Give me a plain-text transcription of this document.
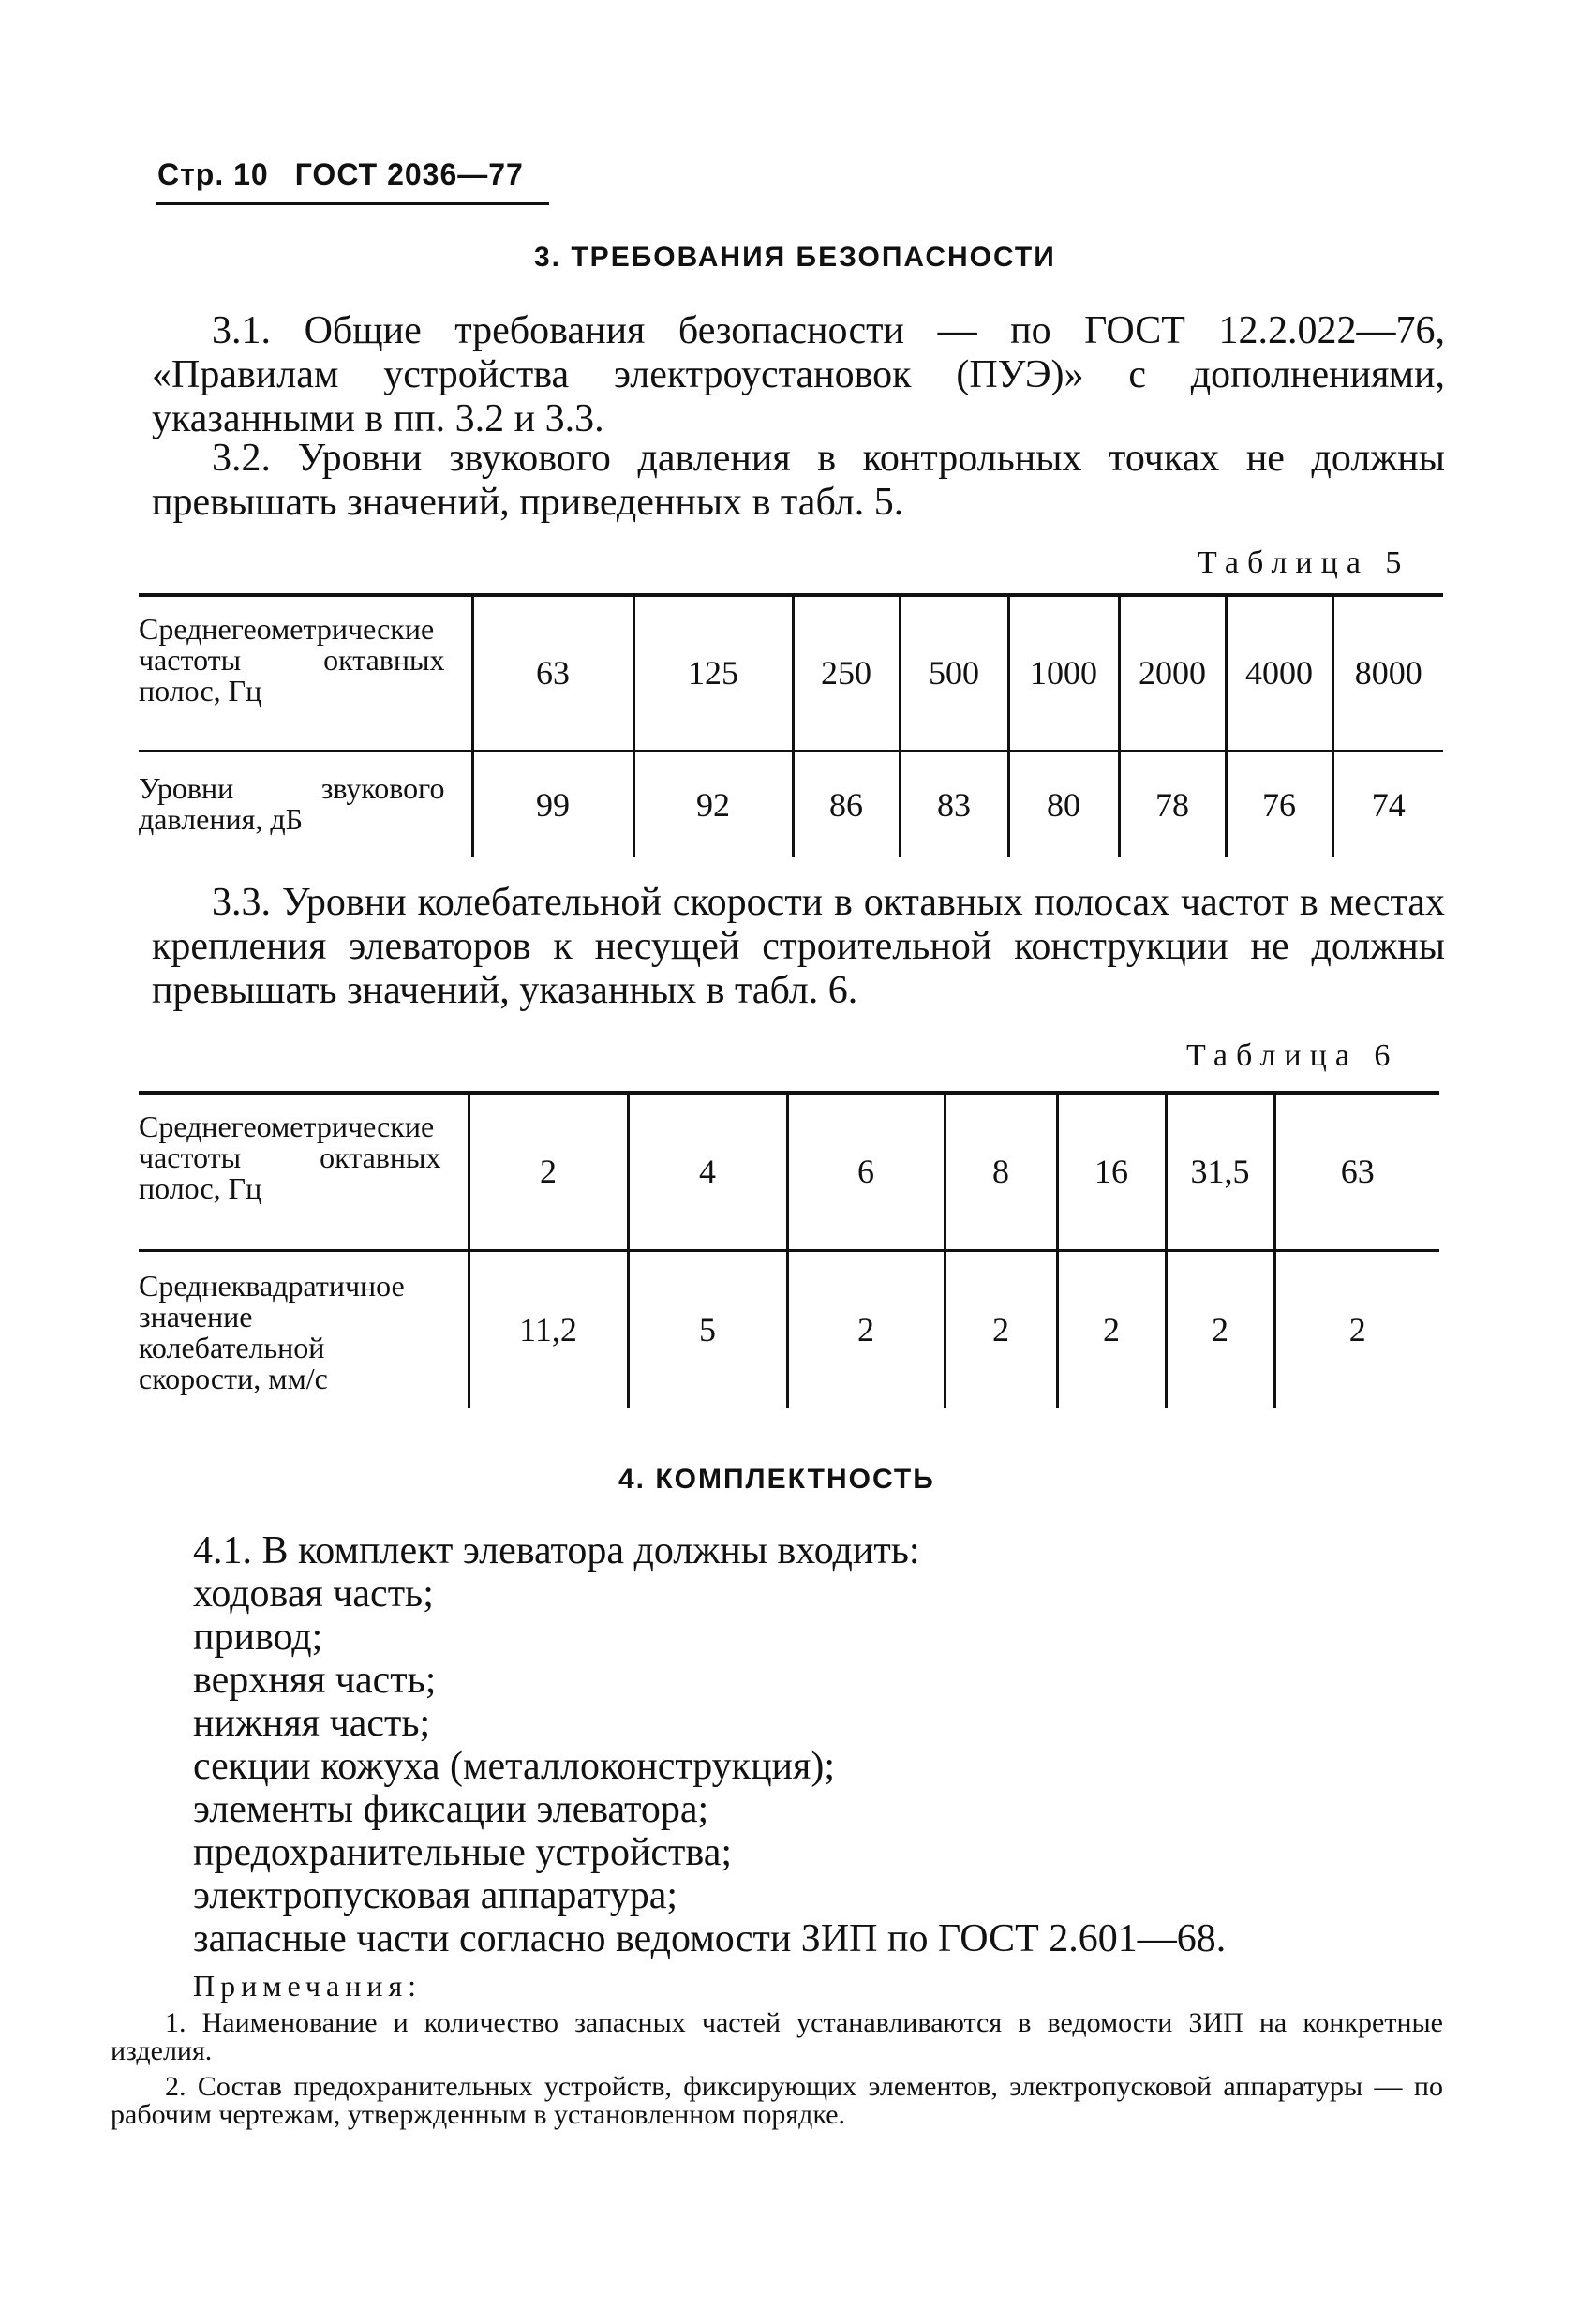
Стр. 10 ГОСТ 2036—77
3. ТРЕБОВАНИЯ БЕЗОПАСНОСТИ
3.1. Общие требования безопасности — по ГОСТ 12.2.022—76, «Правилам устройства электроустановок (ПУЭ)» с дополнениями, указанными в пп. 3.2 и 3.3.
3.2. Уровни звукового давления в контрольных точках не должны превышать значений, приведенных в табл. 5.
Таблица 5
Среднегеометрические частоты октавных полос, Гц	63	125	250	500	1000	2000	4000	8000
Уровни звукового давления, дБ	99	92	86	83	80	78	76	74
3.3. Уровни колебательной скорости в октавных полосах частот в местах крепления элеваторов к несущей строительной конструкции не должны превышать значений, указанных в табл. 6.
Таблица 6
Среднегеометрические частоты октавных полос, Гц	2	4	6	8	16	31,5	63
Среднеквадратичное значение колебательной скорости, мм/с	11,2	5	2	2	2	2	2
4. КОМПЛЕКТНОСТЬ
4.1. В комплект элеватора должны входить:
ходовая часть;
привод;
верхняя часть;
нижняя часть;
секции кожуха (металлоконструкция);
элементы фиксации элеватора;
предохранительные устройства;
электропусковая аппаратура;
запасные части согласно ведомости ЗИП по ГОСТ 2.601—68.
Примечания:
1. Наименование и количество запасных частей устанавливаются в ведомости ЗИП на конкретные изделия.
2. Состав предохранительных устройств, фиксирующих элементов, электропусковой аппаратуры — по рабочим чертежам, утвержденным в установленном порядке.
